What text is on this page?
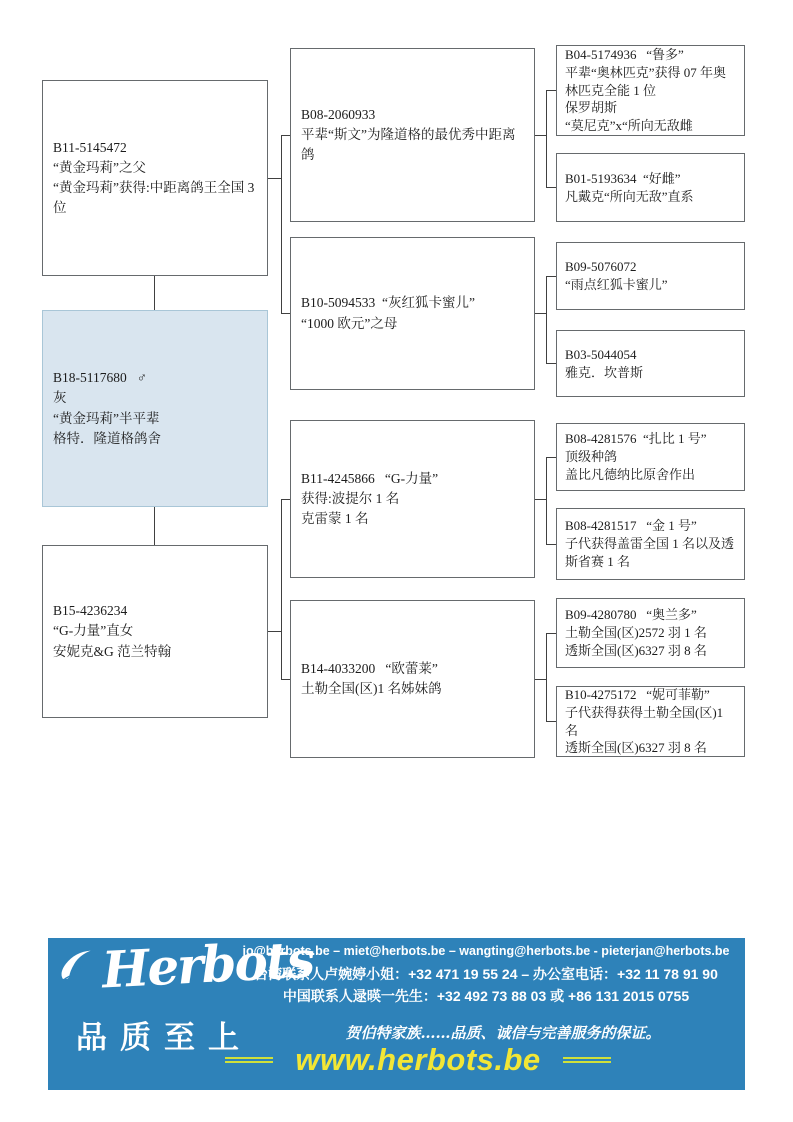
B11-5145472
“黄金玛莉”之父
“黄金玛莉”获得:中距离鸽王全国 3 位
B18-5117680   ♂
灰
“黄金玛莉”半平辈
格特．隆道格鸽舍
B15-4236234
“G-力量”直女
安妮克&G 范兰特翰
B08-2060933
平辈“斯文”为隆道格的最优秀中距离鸽
B10-5094533  “灰红狐卡蜜儿”
“1000 欧元”之母
B11-4245866   “G-力量”
获得:波提尔 1 名
克雷蒙 1 名
B14-4033200   “欧蕾莱”
土勒全国(区)1 名姊妹鸽
B04-5174936   “鲁多”
平辈“奥林匹克”获得 07 年奥林匹克全能 1 位
保罗胡斯
“莫尼克”x“所向无敌雌
B01-5193634  “好雌”
凡戴克“所向无敌”直系
B09-5076072
“雨点红狐卡蜜儿”
B03-5044054
雅克．坎普斯
B08-4281576  “扎比 1 号”
顶级种鸽
盖比凡德纳比原舍作出
B08-4281517   “金 1 号”
子代获得盖雷全国 1 名以及透斯省赛 1 名
B09-4280780   “奥兰多”
土勒全国(区)2572 羽 1 名
透斯全国(区)6327 羽 8 名
B10-4275172   “妮可菲勒”
子代获得获得土勒全国(区)1 名
透斯全国(区)6327 羽 8 名
Herbots
品质至上
jo@herbots.be – miet@herbots.be – wangting@herbots.be - pieterjan@herbots.be
台湾联系人卢婉婷小姐：+32 471 19 55 24 – 办公室电话：+32 11 78 91 90
中国联系人逯暎一先生：+32 492 73 88 03 或 +86 131 2015 0755
贺伯特家族……品质、诚信与完善服务的保证。
www.herbots.be
